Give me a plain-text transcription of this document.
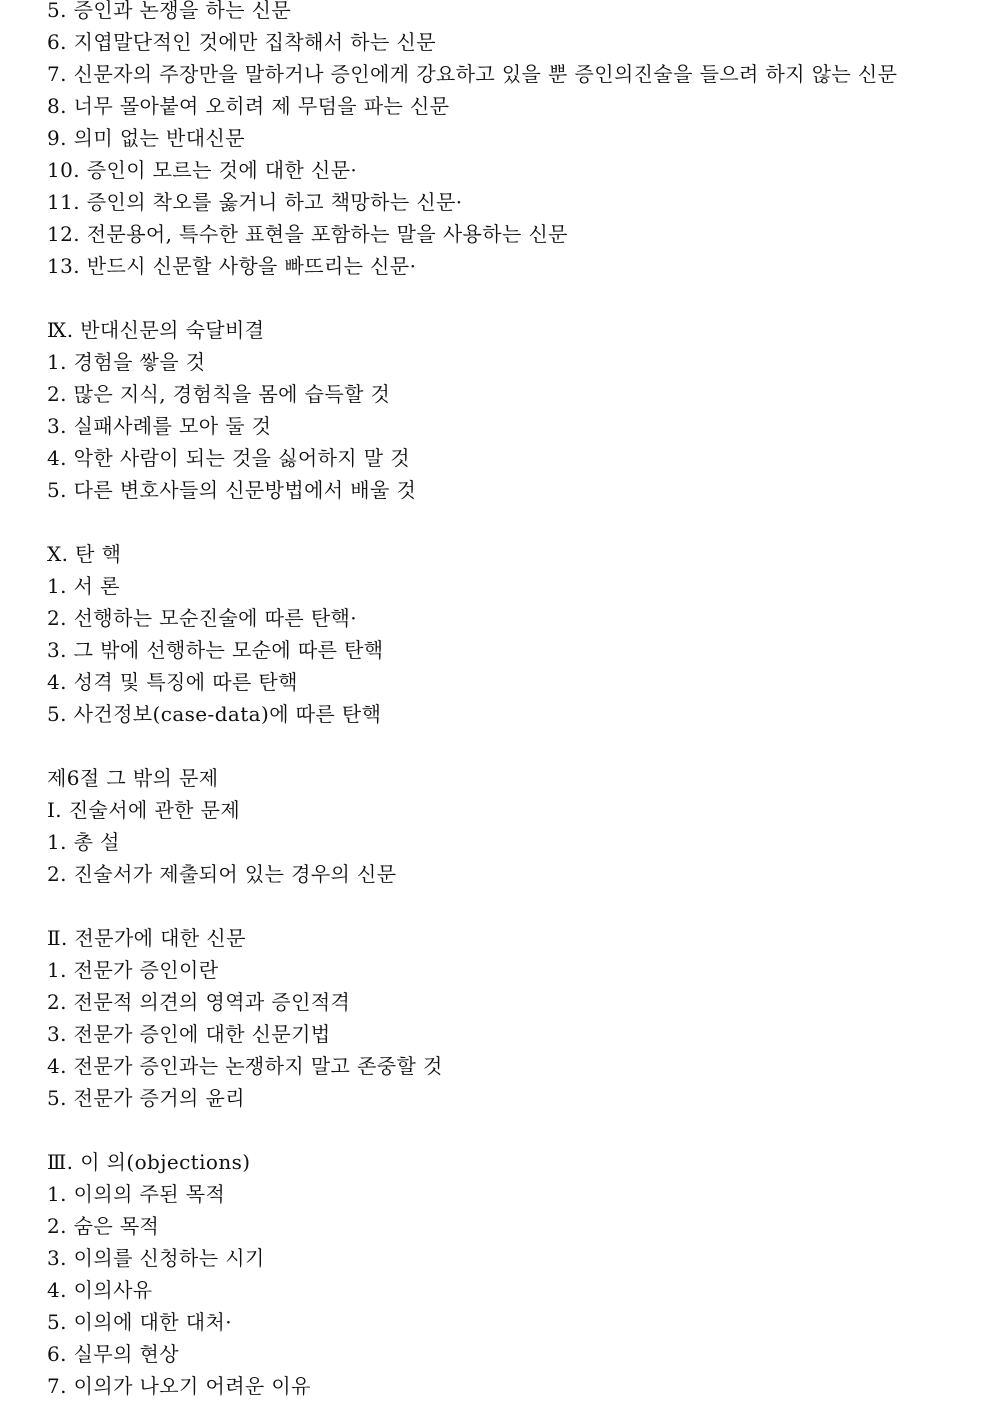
5. 증인과 논쟁을 하는 신문
6. 지엽말단적인 것에만 집착해서 하는 신문
7. 신문자의 주장만을 말하거나 증인에게 강요하고 있을 뿐 증인의진술을 들으려 하지 않는 신문
8. 너무 몰아붙여 오히려 제 무덤을 파는 신문
9. 의미 없는 반대신문
10. 증인이 모르는 것에 대한 신문·
11. 증인의 착오를 옳거니 하고 책망하는 신문·
12. 전문용어, 특수한 표현을 포함하는 말을 사용하는 신문
13. 반드시 신문할 사항을 빠뜨리는 신문·
Ⅸ. 반대신문의 숙달비결
1. 경험을 쌓을 것
2. 많은 지식, 경험칙을 몸에 습득할 것
3. 실패사례를 모아 둘 것
4. 악한 사람이 되는 것을 싫어하지 말 것
5. 다른 변호사들의 신문방법에서 배울 것
Ⅹ. 탄 핵
1. 서 론
2. 선행하는 모순진술에 따른 탄핵·
3. 그 밖에 선행하는 모순에 따른 탄핵
4. 성격 및 특징에 따른 탄핵
5. 사건정보(case-data)에 따른 탄핵
제6절 그 밖의 문제
Ⅰ. 진술서에 관한 문제
1. 총 설
2. 진술서가 제출되어 있는 경우의 신문
Ⅱ. 전문가에 대한 신문
1. 전문가 증인이란
2. 전문적 의견의 영역과 증인적격
3. 전문가 증인에 대한 신문기법
4. 전문가 증인과는 논쟁하지 말고 존중할 것
5. 전문가 증거의 윤리
Ⅲ. 이 의(objections)
1. 이의의 주된 목적
2. 숨은 목적
3. 이의를 신청하는 시기
4. 이의사유
5. 이의에 대한 대처·
6. 실무의 현상
7. 이의가 나오기 어려운 이유
